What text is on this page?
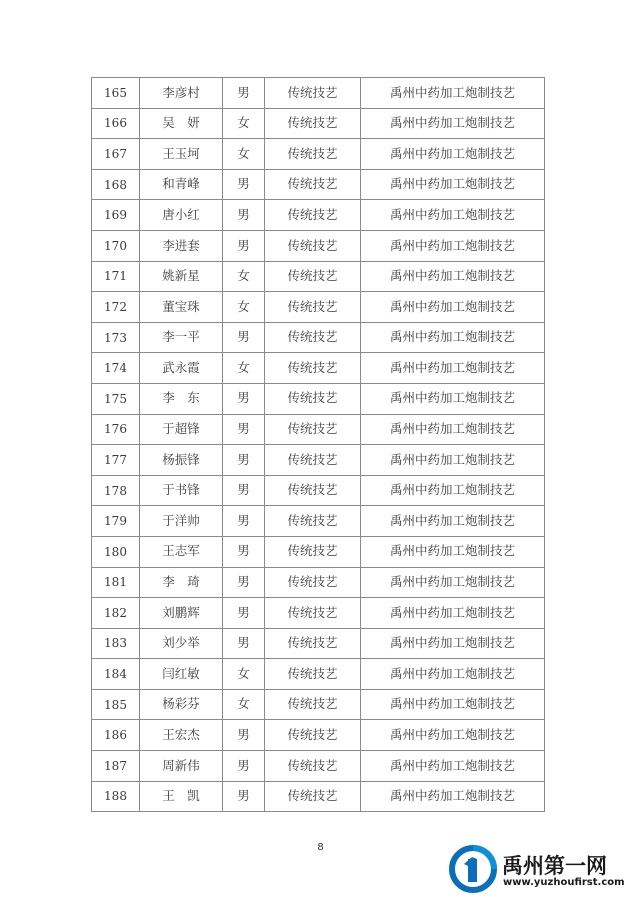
165	李彦村	男	传统技艺	禹州中药加工炮制技艺
166	吴　妍	女	传统技艺	禹州中药加工炮制技艺
167	王玉坷	女	传统技艺	禹州中药加工炮制技艺
168	和青峰	男	传统技艺	禹州中药加工炮制技艺
169	唐小红	男	传统技艺	禹州中药加工炮制技艺
170	李进套	男	传统技艺	禹州中药加工炮制技艺
171	姚新星	女	传统技艺	禹州中药加工炮制技艺
172	董宝珠	女	传统技艺	禹州中药加工炮制技艺
173	李一平	男	传统技艺	禹州中药加工炮制技艺
174	武永霞	女	传统技艺	禹州中药加工炮制技艺
175	李　东	男	传统技艺	禹州中药加工炮制技艺
176	于超锋	男	传统技艺	禹州中药加工炮制技艺
177	杨振锋	男	传统技艺	禹州中药加工炮制技艺
178	于书锋	男	传统技艺	禹州中药加工炮制技艺
179	于洋帅	男	传统技艺	禹州中药加工炮制技艺
180	王志军	男	传统技艺	禹州中药加工炮制技艺
181	李　琦	男	传统技艺	禹州中药加工炮制技艺
182	刘鹏辉	男	传统技艺	禹州中药加工炮制技艺
183	刘少举	男	传统技艺	禹州中药加工炮制技艺
184	闫红敏	女	传统技艺	禹州中药加工炮制技艺
185	杨彩芬	女	传统技艺	禹州中药加工炮制技艺
186	王宏杰	男	传统技艺	禹州中药加工炮制技艺
187	周新伟	男	传统技艺	禹州中药加工炮制技艺
188	王　凯	男	传统技艺	禹州中药加工炮制技艺
8
禹州第一网
www.yuzhoufirst.com
